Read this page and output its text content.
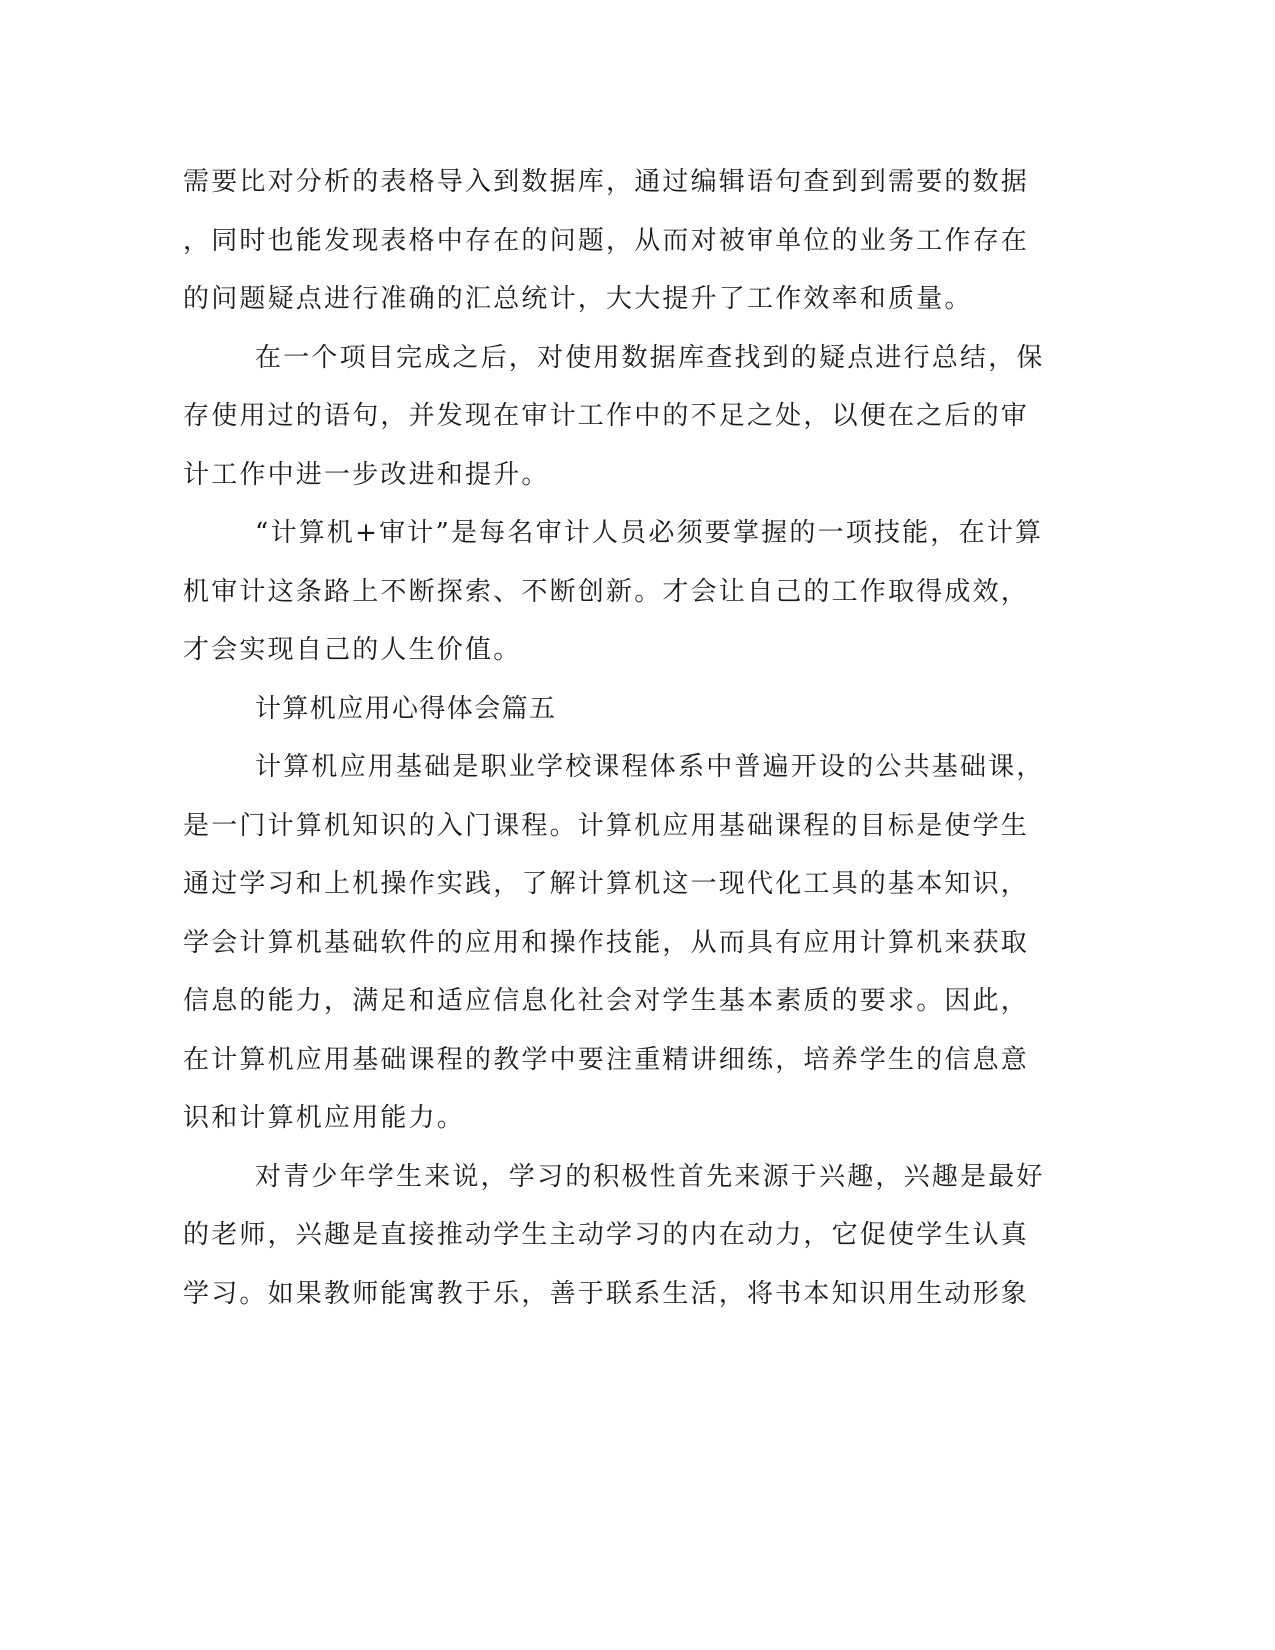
需要比对分析的表格导入到数据库，通过编辑语句查到到需要的数据
，同时也能发现表格中存在的问题，从而对被审单位的业务工作存在
的问题疑点进行准确的汇总统计，大大提升了工作效率和质量。
在一个项目完成之后，对使用数据库查找到的疑点进行总结，保
存使用过的语句，并发现在审计工作中的不足之处，以便在之后的审
计工作中进一步改进和提升。
“计算机+审计”是每名审计人员必须要掌握的一项技能，在计算
机审计这条路上不断探索、不断创新。才会让自己的工作取得成效，
才会实现自己的人生价值。
计算机应用心得体会篇五
计算机应用基础是职业学校课程体系中普遍开设的公共基础课，
是一门计算机知识的入门课程。计算机应用基础课程的目标是使学生
通过学习和上机操作实践，了解计算机这一现代化工具的基本知识，
学会计算机基础软件的应用和操作技能，从而具有应用计算机来获取
信息的能力，满足和适应信息化社会对学生基本素质的要求。因此，
在计算机应用基础课程的教学中要注重精讲细练，培养学生的信息意
识和计算机应用能力。
对青少年学生来说，学习的积极性首先来源于兴趣，兴趣是最好
的老师，兴趣是直接推动学生主动学习的内在动力，它促使学生认真
学习。如果教师能寓教于乐，善于联系生活，将书本知识用生动形象
